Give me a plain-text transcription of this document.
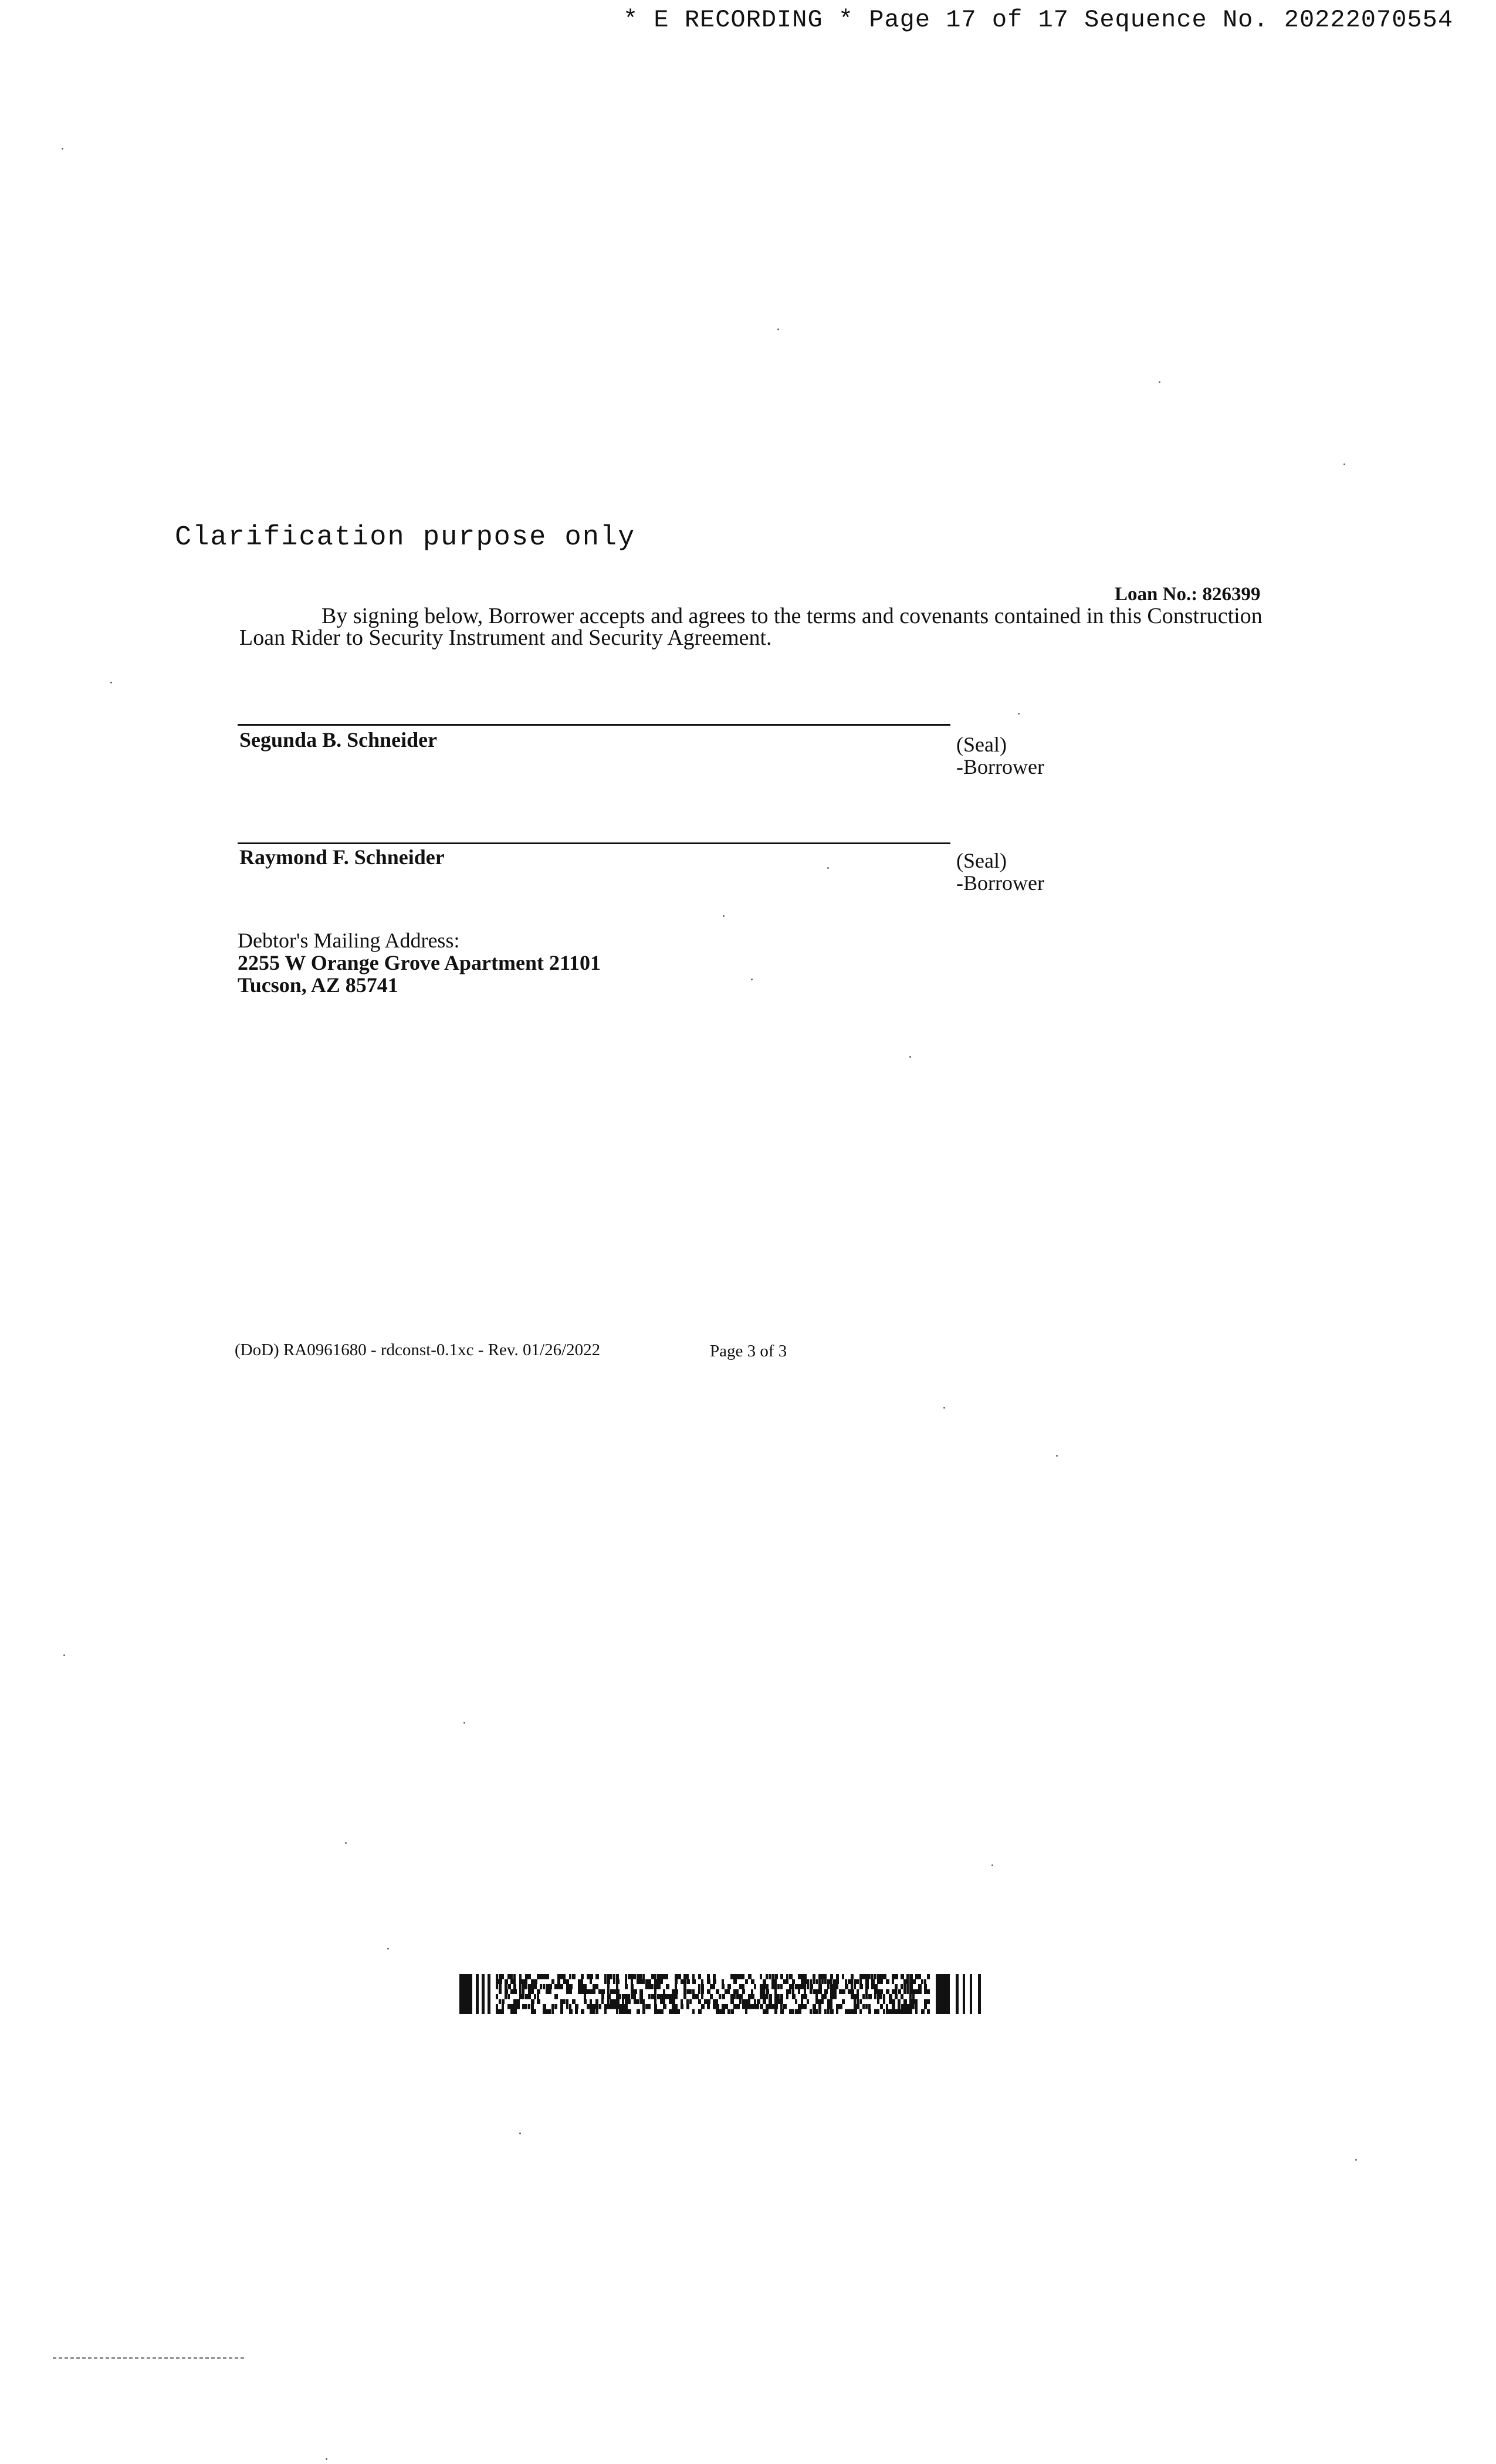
* E RECORDING * Page 17 of 17 Sequence No. 20222070554
Clarification purpose only
Loan No.: 826399

By signing below, Borrower accepts and agrees to the terms and covenants contained in this Construction

Loan Rider to Security Instrument and Security Agreement.

Segunda B. Schneider	(Seal)
-Borrower
Raymond F. Schneider	(Seal)
-Borrower
Debtor's Mailing Address:
2255 W Orange Grove Apartment 21101
Tucson, AZ 85741
(DoD) RA0961680 - rdconst-0.1xc - Rev. 01/26/2022	Page 3 of 3
